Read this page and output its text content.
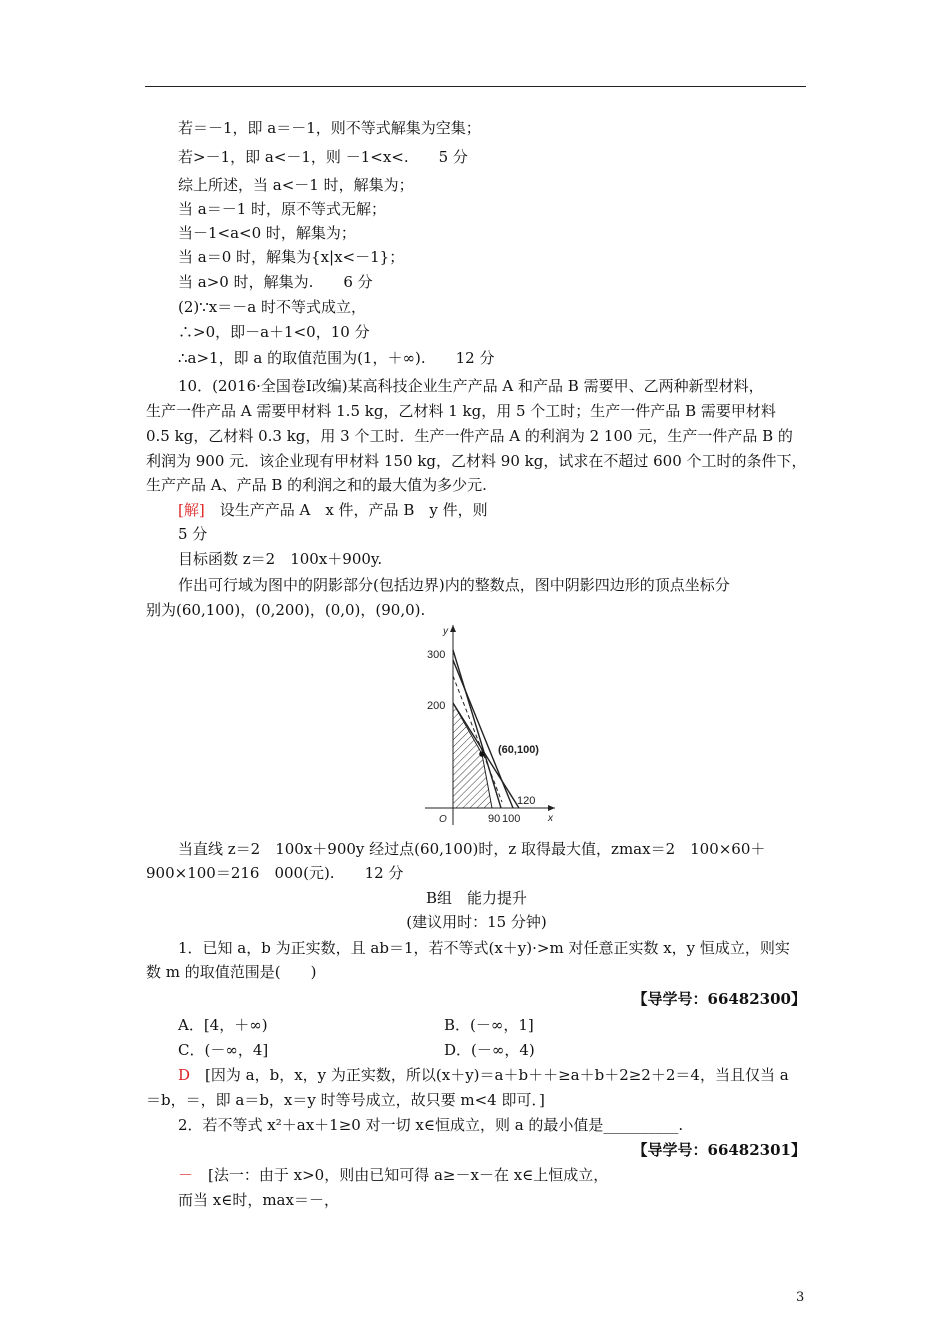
若＝－1，即 a＝－1，则不等式解集为空集；
若>－1，即 a<－1，则 －1<x<.　　5 分
综上所述，当 a<－1 时，解集为；
当 a＝－1 时，原不等式无解；
当－1<a<0 时，解集为；
当 a＝0 时，解集为{x|x<－1}；
当 a>0 时，解集为.　　6 分
(2)∵x＝－a 时不等式成立，
∴>0，即－a＋1<0，10 分
∴a>1，即 a 的取值范围为(1，＋∞).　　12 分
10．(2016·全国卷Ⅰ改编)某高科技企业生产产品 A 和产品 B 需要甲、乙两种新型材料，
生产一件产品 A 需要甲材料 1.5 kg，乙材料 1 kg，用 5 个工时；生产一件产品 B 需要甲材料
0.5 kg，乙材料 0.3 kg，用 3 个工时．生产一件产品 A 的利润为 2 100 元，生产一件产品 B 的
利润为 900 元．该企业现有甲材料 150 kg，乙材料 90 kg，试求在不超过 600 个工时的条件下，
生产产品 A、产品 B 的利润之和的最大值为多少元.
[解]　设生产产品 A　x 件，产品 B　y 件，则
5 分
目标函数 z＝2　100x＋900y.
作出可行域为图中的阴影部分(包括边界)内的整数点，图中阴影四边形的顶点坐标分
别为(60,100)，(0,200)，(0,0)，(90,0).
当直线 z＝2　100x＋900y 经过点(60,100)时，z 取得最大值，zmax＝2　100×60＋
900×100＝216　000(元).　　12 分
1．已知 a，b 为正实数，且 ab＝1，若不等式(x＋y)·>m 对任意正实数 x，y 恒成立，则实
数 m 的取值范围是(　　)
A．[4，＋∞)
C．(－∞，4]
D　[因为 a，b，x，y 为正实数，所以(x＋y)＝a＋b＋＋≥a＋b＋2≥2＋2＝4，当且仅当 a
＝b，＝，即 a＝b，x＝y 时等号成立，故只要 m<4 即可．]
2．若不等式 x²＋ax＋1≥0 对一切 x∈恒成立，则 a 的最小值是__________.
－　[法一：由于 x>0，则由已知可得 a≥－x－在 x∈上恒成立，
而当 x∈时，max＝－，
B．(－∞，1]
D．(－∞，4)
B组　能力提升
(建议用时：15 分钟)
【导学号：66482300】
【导学号：66482301】
y
x
O
300
200
90 100
120
(60,100)
3
